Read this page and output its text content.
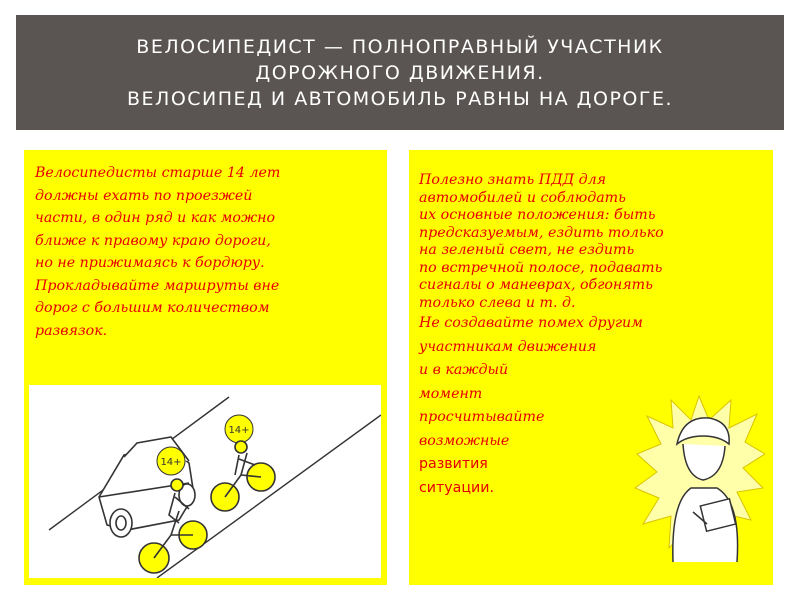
ВЕЛОСИПЕДИСТ — ПОЛНОПРАВНЫЙ УЧАСТНИК
ДОРОЖНОГО ДВИЖЕНИЯ.
ВЕЛОСИПЕД И АВТОМОБИЛЬ РАВНЫ НА ДОРОГЕ.
Велосипедисты старше 14 лет
должны ехать по проезжей
части, в один ряд и как можно
ближе к правому краю дороги,
но не прижимаясь к бордюру.
Прокладывайте маршруты вне
дорог с большим количеством
развязок.
Полезно знать ПДД для
автомобилей и соблюдать
их основные положения: быть
предсказуемым, ездить только
на зеленый свет, не ездить
по встречной полосе, подавать
сигналы о маневрах, обгонять
только слева и т. д.
Не создавайте помех другим
участникам движения
и в каждый
момент
просчитывайте
возможные
развития
ситуации.
14+
14+
